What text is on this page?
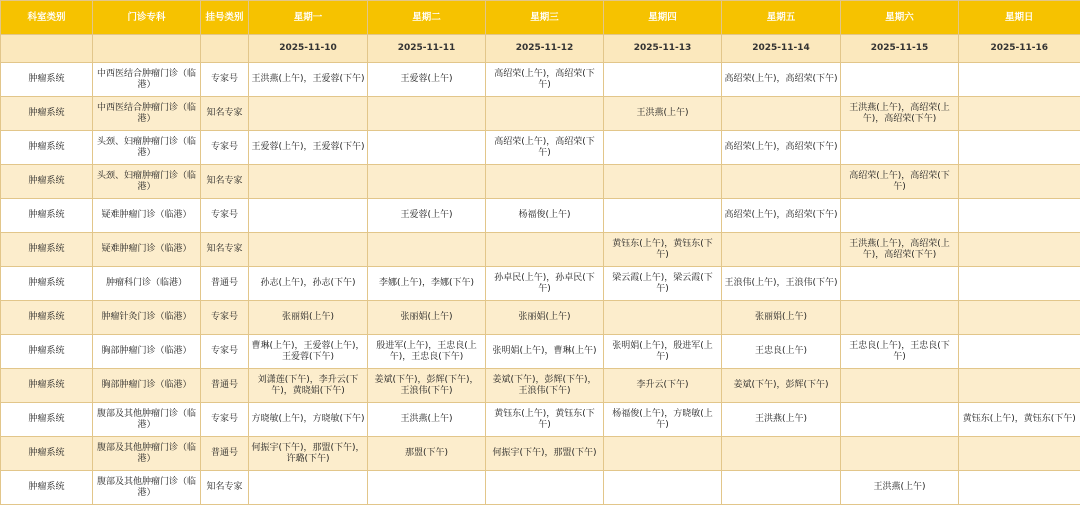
科室类别	门诊专科	挂号类别	星期一	星期二	星期三	星期四	星期五	星期六	星期日
			2025-11-10	2025-11-11	2025-11-12	2025-11-13	2025-11-14	2025-11-15	2025-11-16
肿瘤系统	中西医结合肿瘤门诊（临港）	专家号	王洪燕(上午)，王爱蓉(下午)	王爱蓉(上午)	高绍荣(上午)，高绍荣(下午)		高绍荣(上午)，高绍荣(下午)		
肿瘤系统	中西医结合肿瘤门诊（临港）	知名专家				王洪燕(上午)		王洪燕(上午)，高绍荣(上午)，高绍荣(下午)	
肿瘤系统	头颈、妇瘤肿瘤门诊（临港）	专家号	王爱蓉(上午)，王爱蓉(下午)		高绍荣(上午)，高绍荣(下午)		高绍荣(上午)，高绍荣(下午)		
肿瘤系统	头颈、妇瘤肿瘤门诊（临港）	知名专家						高绍荣(上午)，高绍荣(下午)	
肿瘤系统	疑难肿瘤门诊（临港）	专家号		王爱蓉(上午)	杨福俊(上午)		高绍荣(上午)，高绍荣(下午)		
肿瘤系统	疑难肿瘤门诊（临港）	知名专家				黄钰东(上午)，黄钰东(下午)		王洪燕(上午)，高绍荣(上午)，高绍荣(下午)	
肿瘤系统	肿瘤科门诊（临港）	普通号	孙志(上午)，孙志(下午)	李娜(上午)，李娜(下午)	孙卓民(上午)，孙卓民(下午)	梁云霞(上午)，梁云霞(下午)	王浪伟(上午)，王浪伟(下午)		
肿瘤系统	肿瘤针灸门诊（临港）	专家号	张丽娟(上午)	张丽娟(上午)	张丽娟(上午)		张丽娟(上午)		
肿瘤系统	胸部肿瘤门诊（临港）	专家号	曹琳(上午)，王爱蓉(上午)，王爱蓉(下午)	殷进军(上午)，王忠良(上午)，王忠良(下午)	张明娟(上午)，曹琳(上午)	张明娟(上午)，殷进军(上午)	王忠良(上午)	王忠良(上午)，王忠良(下午)	
肿瘤系统	胸部肿瘤门诊（临港）	普通号	刘潇莲(下午)，李升云(下午)，黄晓娟(下午)	姜斌(下午)，彭辉(下午)，王浪伟(下午)	姜斌(下午)，彭辉(下午)，王浪伟(下午)	李升云(下午)	姜斌(下午)，彭辉(下午)		
肿瘤系统	腹部及其他肿瘤门诊（临港）	专家号	方晓敏(上午)，方晓敏(下午)	王洪燕(上午)	黄钰东(上午)，黄钰东(下午)	杨福俊(上午)，方晓敏(上午)	王洪燕(上午)		黄钰东(上午)，黄钰东(下午)
肿瘤系统	腹部及其他肿瘤门诊（临港）	普通号	何振宇(下午)，那盟(下午)，许璐(下午)	那盟(下午)	何振宇(下午)，那盟(下午)				
肿瘤系统	腹部及其他肿瘤门诊（临港）	知名专家						王洪燕(上午)	
